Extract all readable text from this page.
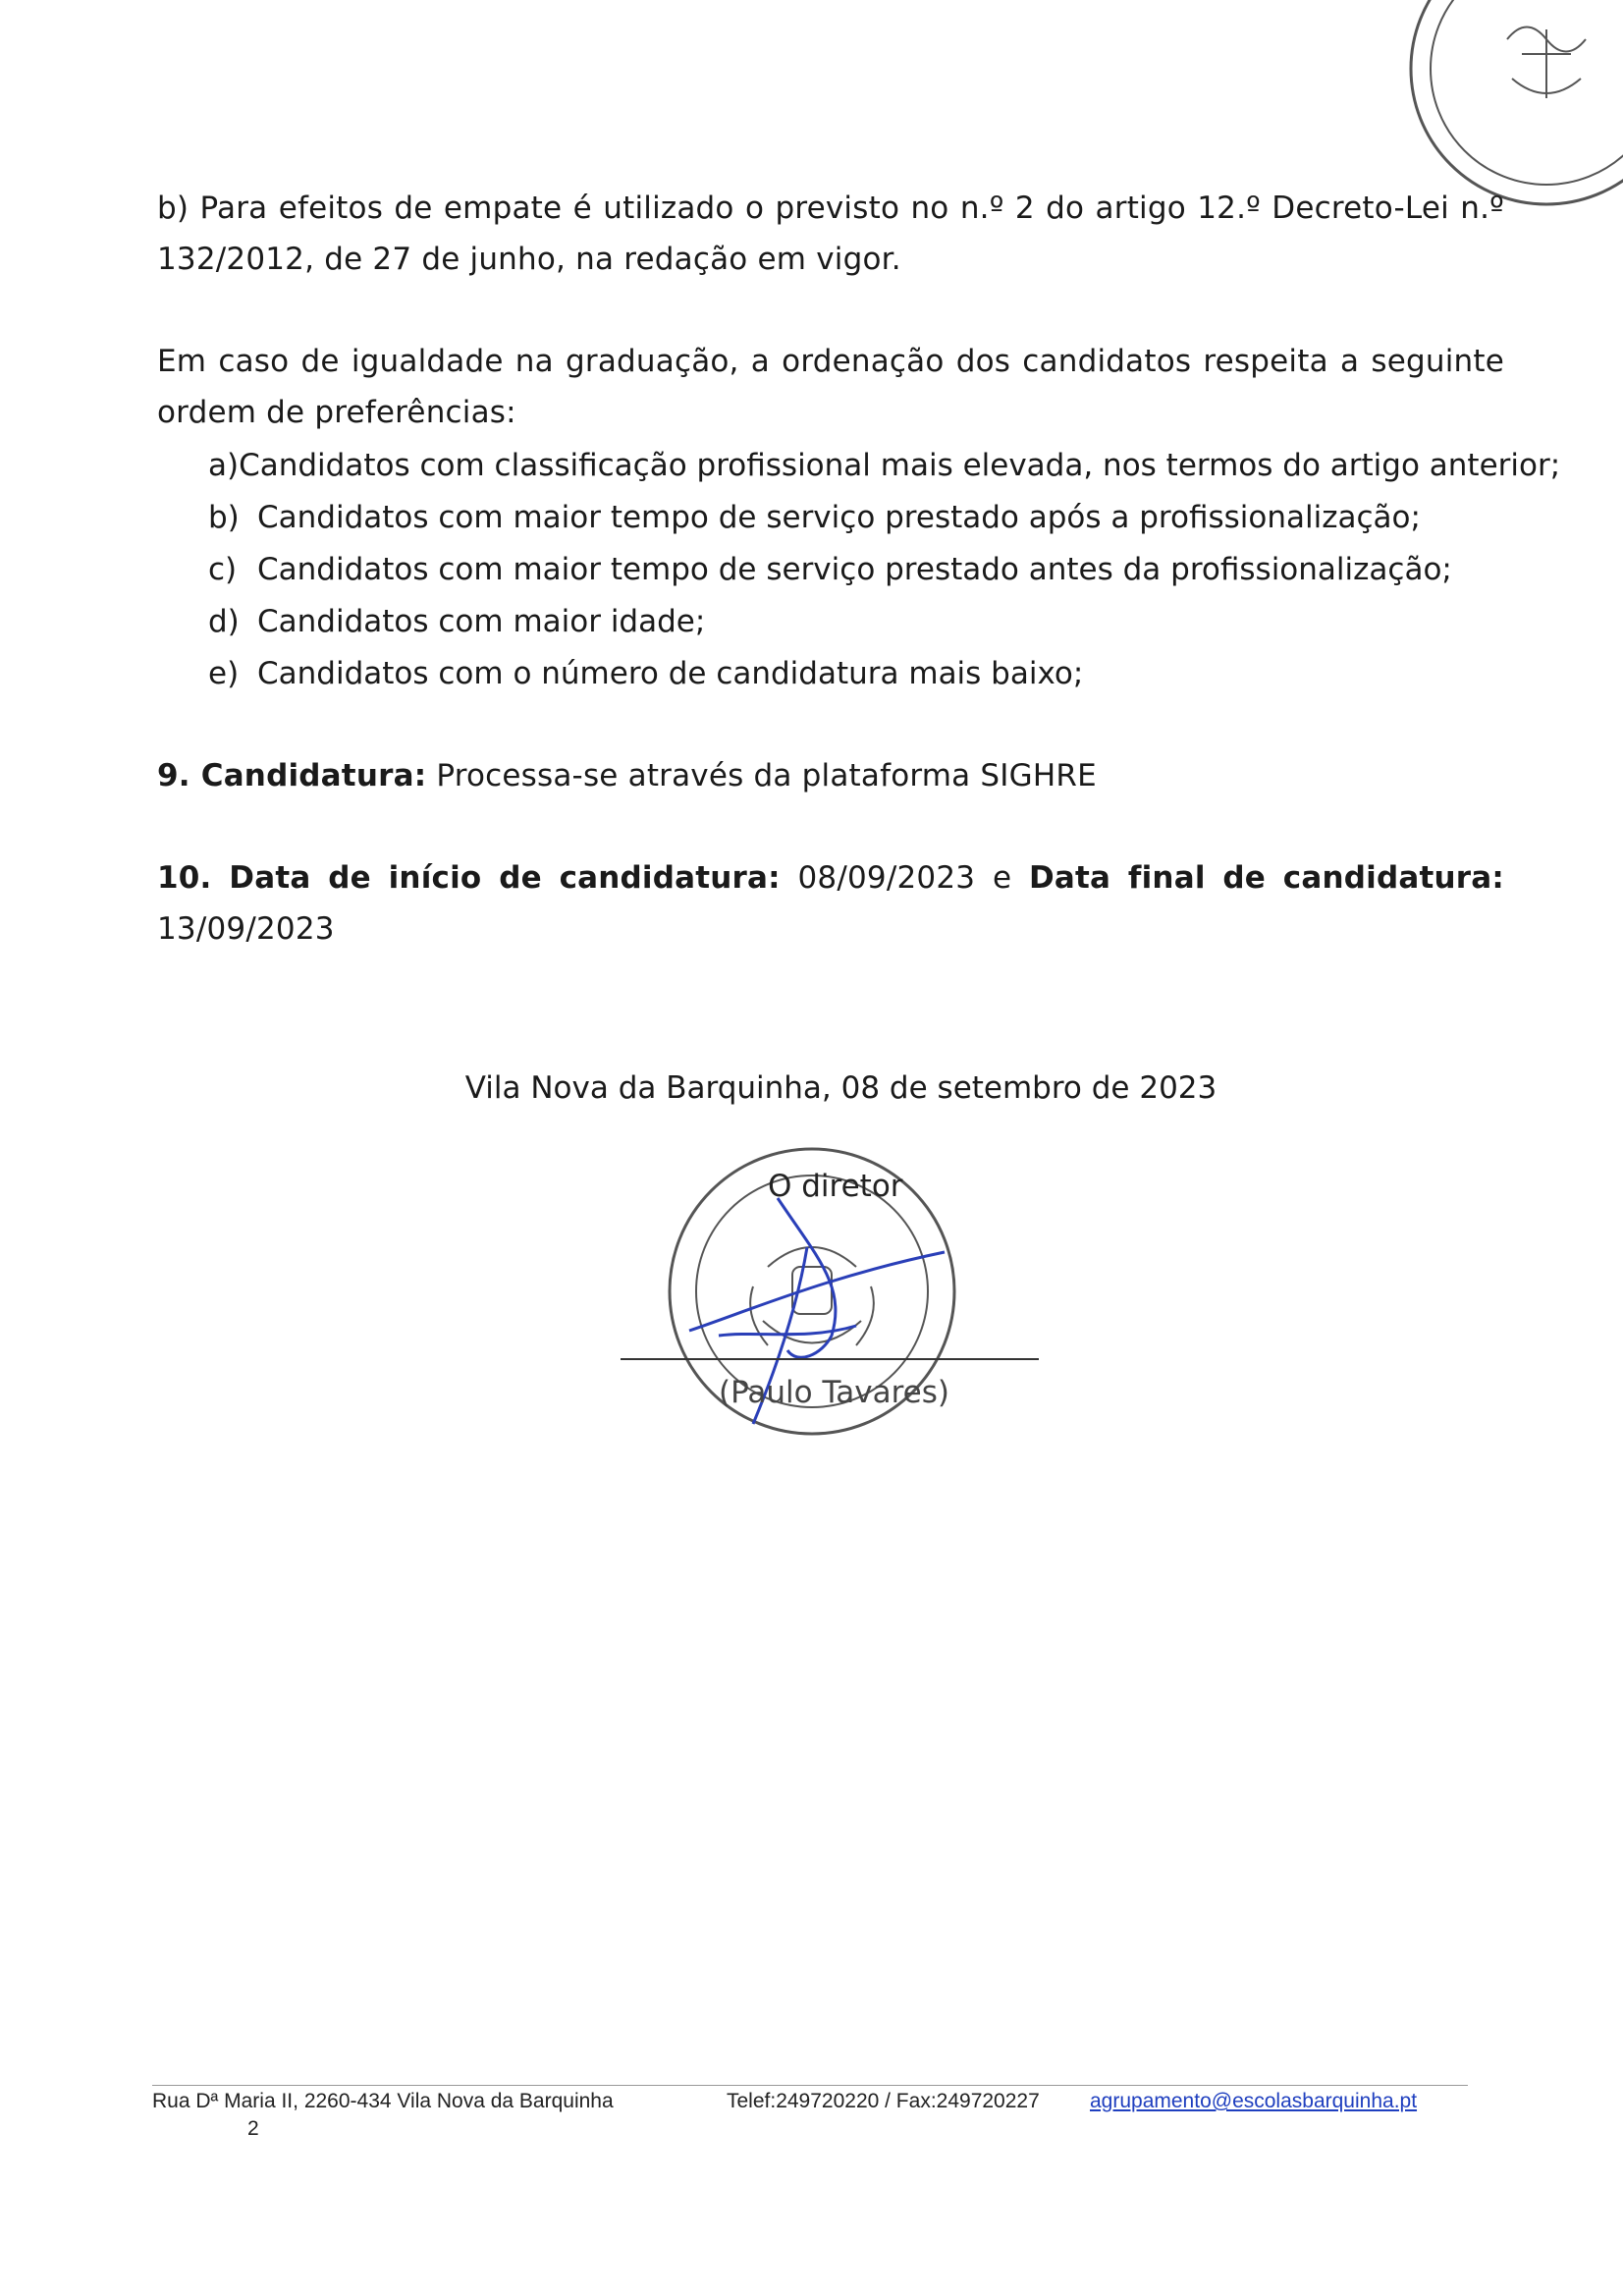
b) Para efeitos de empate é utilizado o previsto no n.º 2 do artigo 12.º Decreto-Lei n.º 132/2012, de 27 de junho, na redação em vigor.
Em caso de igualdade na graduação, a ordenação dos candidatos respeita a seguinte ordem de preferências:
a) Candidatos com classificação profissional mais elevada, nos termos do artigo anterior;
b) Candidatos com maior tempo de serviço prestado após a profissionalização;
c) Candidatos com maior tempo de serviço prestado antes da profissionalização;
d) Candidatos com maior idade;
e) Candidatos com o número de candidatura mais baixo;
9. Candidatura: Processa-se através da plataforma SIGHRE
10. Data de início de candidatura: 08/09/2023 e Data final de candidatura:
13/09/2023
Vila Nova da Barquinha, 08 de setembro de 2023
O diretor
(Paulo Tavares)
Rua Dª Maria II, 2260-434 Vila Nova da Barquinha	Telef:249720220 / Fax:249720227 agrupamento@escolasbarquinha.pt
2
